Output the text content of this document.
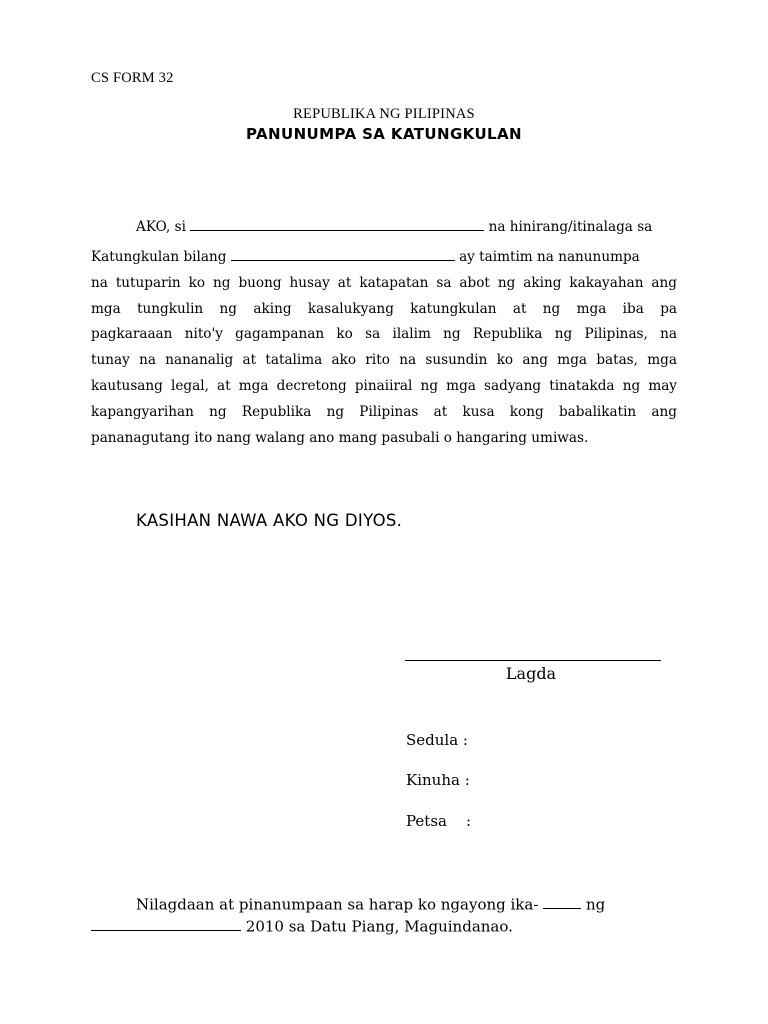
CS FORM 32
REPUBLIKA NG PILIPINAS
PANUNUMPA SA KATUNGKULAN
AKO, si	na hinirang/itinalaga sa
Katungkulan bilang	ay taimtim na nanunumpa
na tutuparin ko ng buong husay at katapatan sa abot ng aking kakayahan ang
mga tungkulin ng aking kasalukyang katungkulan at ng mga iba pa
pagkaraaan nito'y gagampanan ko sa ilalim ng Republika ng Pilipinas, na
tunay na nananalig at tatalima ako rito na susundin ko ang mga batas, mga
kautusang legal, at mga decretong pinaiiral ng mga sadyang tinatakda ng may
kapangyarihan ng Republika ng Pilipinas at kusa kong babalikatin ang
pananagutang ito nang walang ano mang pasubali o hangaring umiwas.
KASIHAN NAWA AKO NG DIYOS.
Lagda
Sedula :
Kinuha :
Petsa    :
Nilagdaan at pinanumpaan sa harap ko ngayong ika-	ng
2010 sa Datu Piang, Maguindanao.
